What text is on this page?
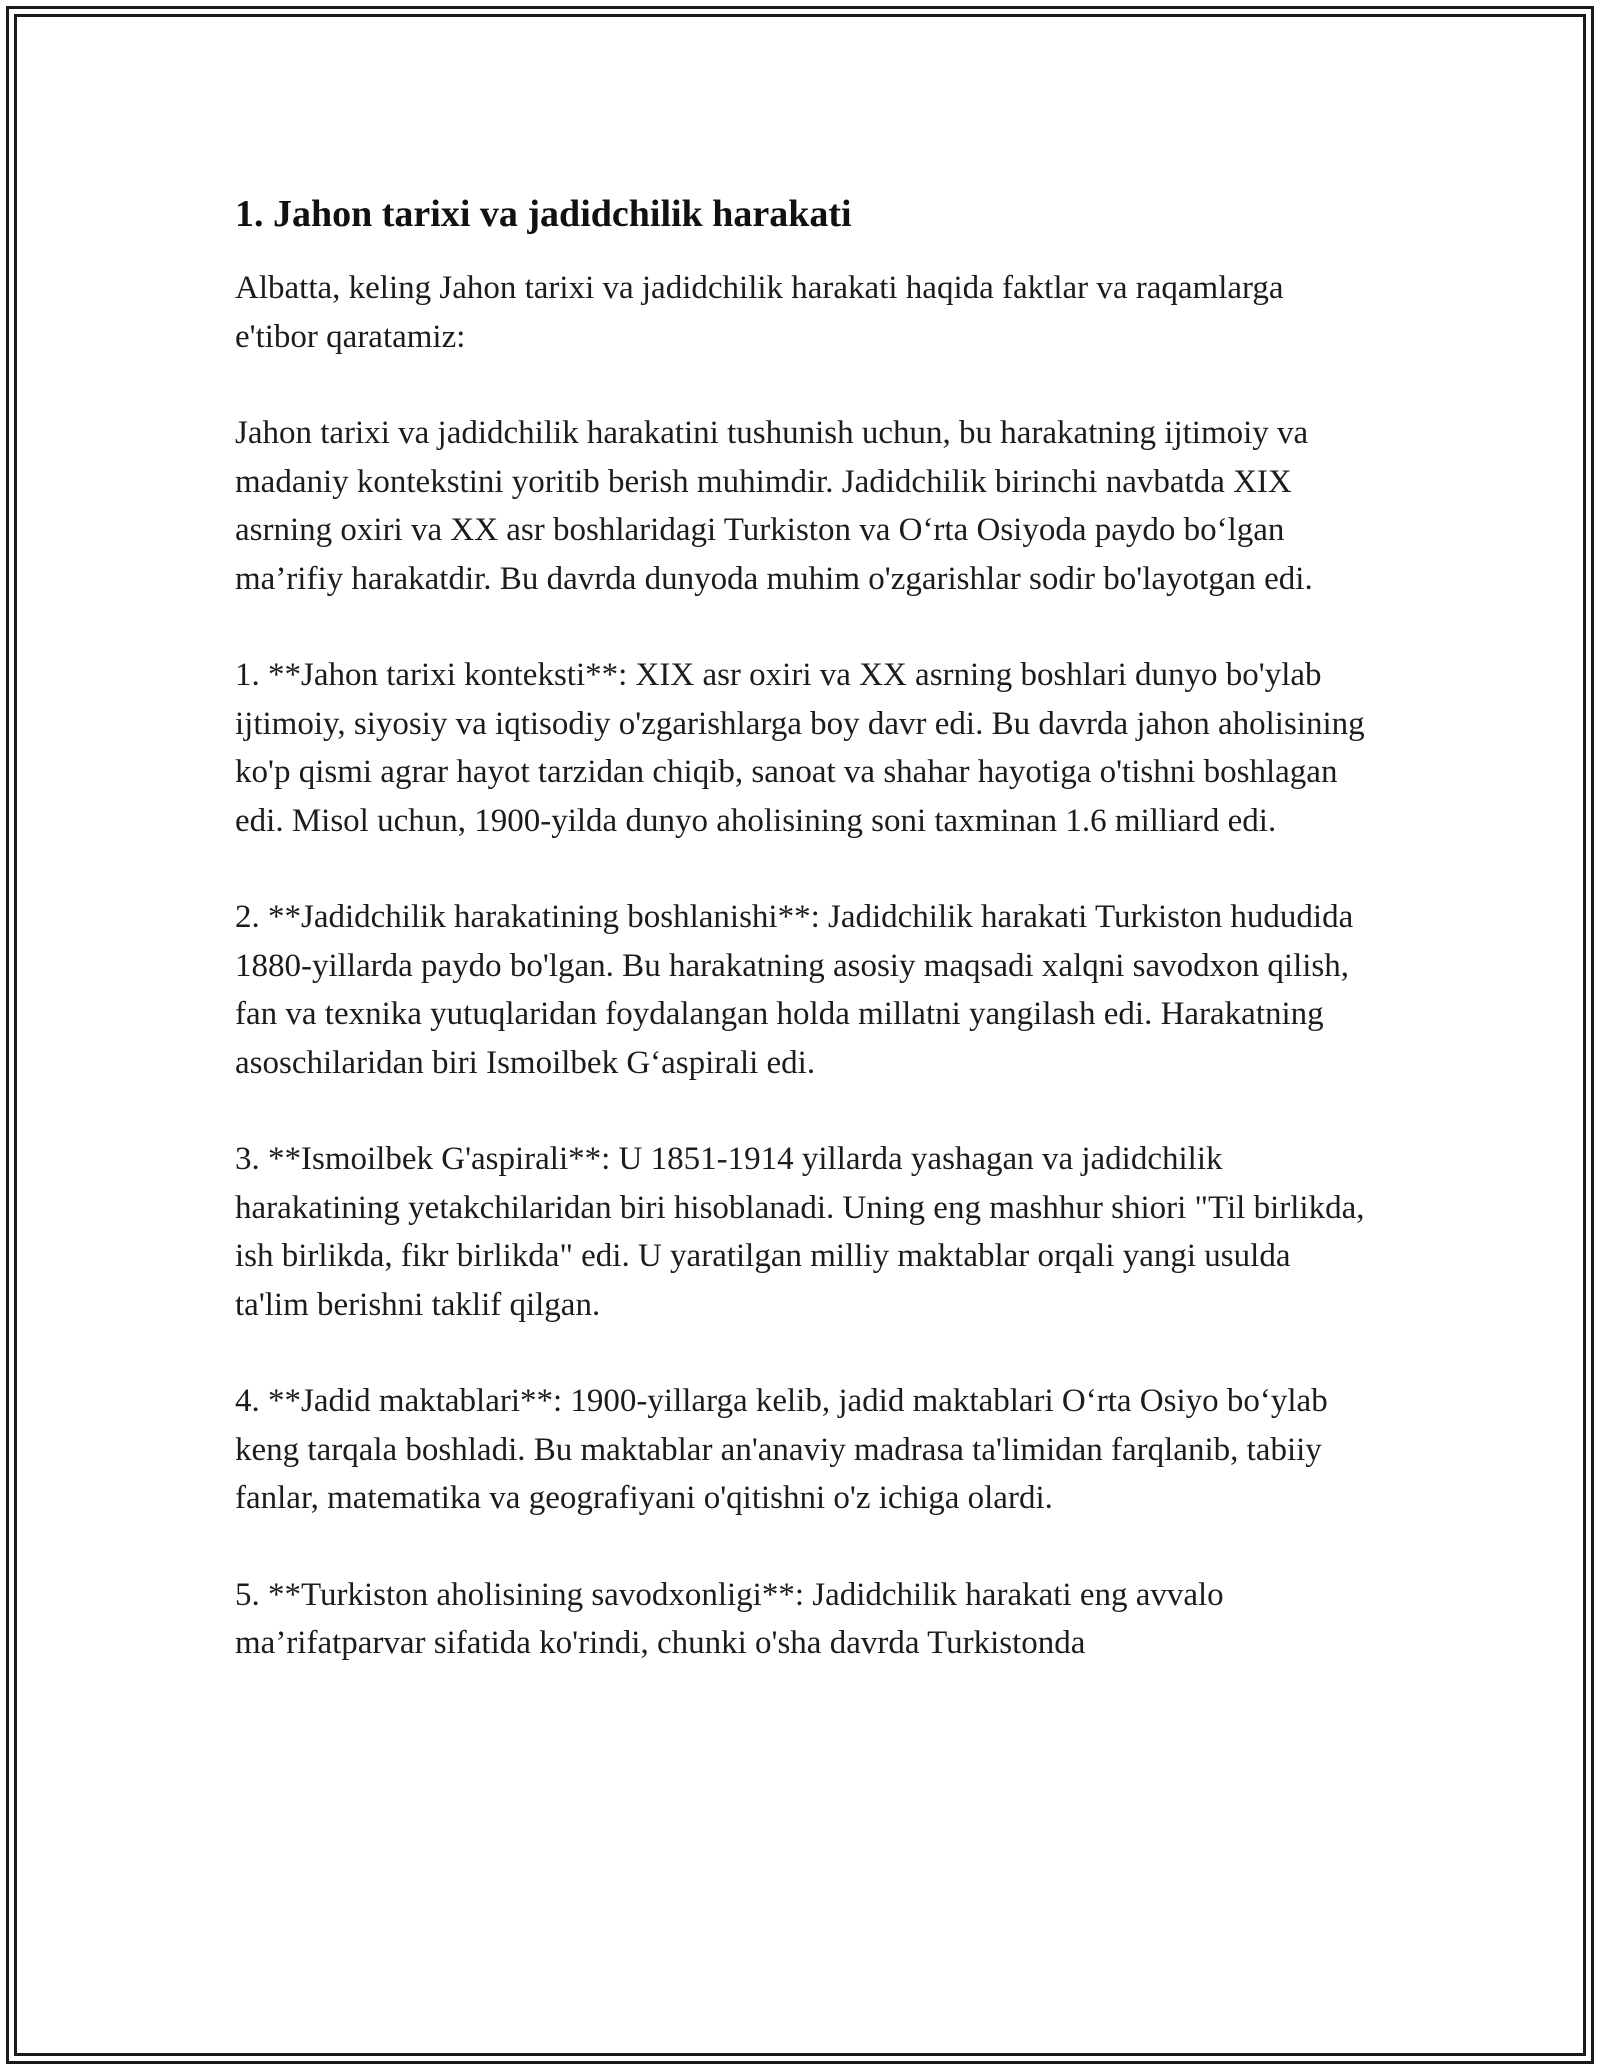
1. Jahon tarixi va jadidchilik harakati

Albatta, keling Jahon tarixi va jadidchilik harakati haqida faktlar va raqamlarga e'tibor qaratamiz:

Jahon tarixi va jadidchilik harakatini tushunish uchun, bu harakatning ijtimoiy va madaniy kontekstini yoritib berish muhimdir. Jadidchilik birinchi navbatda XIX asrning oxiri va XX asr boshlaridagi Turkiston va O‘rta Osiyoda paydo bo‘lgan ma’rifiy harakatdir. Bu davrda dunyoda muhim o'zgarishlar sodir bo'layotgan edi.

1. **Jahon tarixi konteksti**: XIX asr oxiri va XX asrning boshlari dunyo bo'ylab ijtimoiy, siyosiy va iqtisodiy o'zgarishlarga boy davr edi. Bu davrda jahon aholisining ko'p qismi agrar hayot tarzidan chiqib, sanoat va shahar hayotiga o'tishni boshlagan edi. Misol uchun, 1900-yilda dunyo aholisining soni taxminan 1.6 milliard edi.

2. **Jadidchilik harakatining boshlanishi**: Jadidchilik harakati Turkiston hududida 1880-yillarda paydo bo'lgan. Bu harakatning asosiy maqsadi xalqni savodxon qilish, fan va texnika yutuqlaridan foydalangan holda millatni yangilash edi. Harakatning asoschilaridan biri Ismoilbek G‘aspirali edi.

3. **Ismoilbek G'aspirali**: U 1851-1914 yillarda yashagan va jadidchilik harakatining yetakchilaridan biri hisoblanadi. Uning eng mashhur shiori "Til birlikda, ish birlikda, fikr birlikda" edi. U yaratilgan milliy maktablar orqali yangi usulda ta'lim berishni taklif qilgan.

4. **Jadid maktablari**: 1900-yillarga kelib, jadid maktablari O‘rta Osiyo bo‘ylab keng tarqala boshladi. Bu maktablar an'anaviy madrasa ta'limidan farqlanib, tabiiy fanlar, matematika va geografiyani o'qitishni o'z ichiga olardi.

5. **Turkiston aholisining savodxonligi**: Jadidchilik harakati eng avvalo ma’rifatparvar sifatida ko'rindi, chunki o'sha davrda Turkistonda
